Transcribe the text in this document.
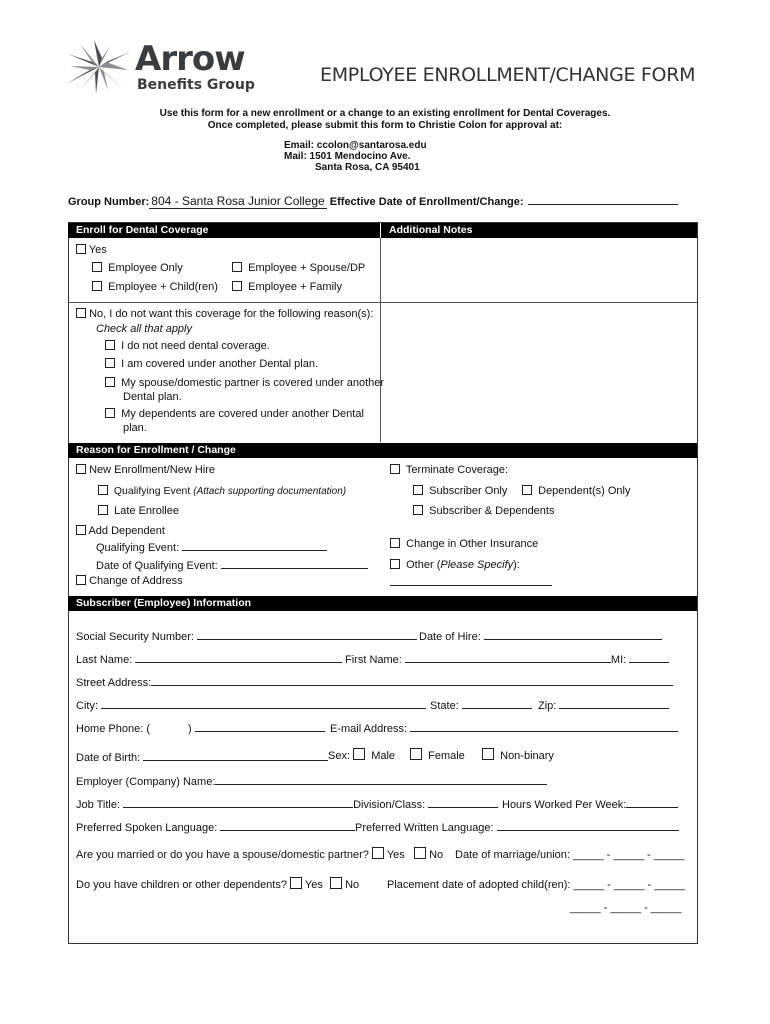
Arrow
Benefits Group	EMPLOYEE ENROLLMENT/CHANGE FORM
Use this form for a new enrollment or a change to an existing enrollment for Dental Coverages.
Once completed, please submit this form to Christie Colon for approval at:
Email: ccolon@santarosa.edu
Mail: 1501 Mendocino Ave.
Santa Rosa, CA 95401
Group Number: 804 - Santa Rosa Junior College Effective Date of Enrollment/Change:
Enroll for Dental Coverage	Additional Notes
Yes
Employee Only	Employee + Spouse/DP
Employee + Child(ren)	Employee + Family
No, I do not want this coverage for the following reason(s):
Check all that apply
I do not need dental coverage.
I am covered under another Dental plan.
My spouse/domestic partner is covered under another
Dental plan.
My dependents are covered under another Dental
plan.
Reason for Enrollment / Change
New Enrollment/New Hire
Qualifying Event (Attach supporting documentation)
Late Enrollee
Add Dependent
Qualifying Event:
Date of Qualifying Event:
Change of Address
Terminate Coverage:
Subscriber Only	Dependent(s) Only
Subscriber & Dependents
Change in Other Insurance
Other (Please Specify):
Subscriber (Employee) Information
Social Security Number:	Date of Hire:
Last Name:	First Name:	MI:
Street Address:
City:	State:	Zip:
Home Phone: (	)	E-mail Address:
Date of Birth:	Sex: Male	Female	Non-binary
Employer (Company) Name:
Job Title:	Division/Class:	Hours Worked Per Week:
Preferred Spoken Language:	Preferred Written Language:
Are you married or do you have a spouse/domestic partner? Yes	No Date of marriage/union: _____ - _____ - _____
Do you have children or other dependents? Yes	No	Placement date of adopted child(ren): _____ - _____ - _____
_____ - _____ - _____
